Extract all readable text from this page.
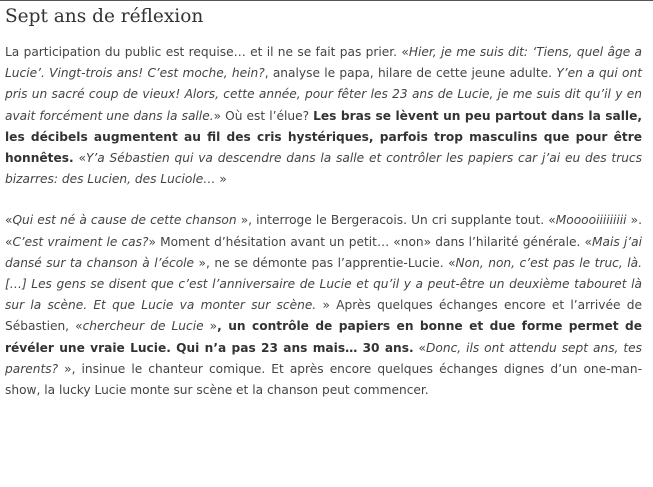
Sept ans de réflexion

La participation du public est requise… et il ne se fait pas prier. «Hier, je me suis dit: ‘Tiens, quel âge a Lucie’. Vingt-trois ans! C’est moche, hein?, analyse le papa, hilare de cette jeune adulte. Y’en a qui ont pris un sacré coup de vieux! Alors, cette année, pour fêter les 23 ans de Lucie, je me suis dit qu’il y en avait forcément une dans la salle.» Où est l’élue? Les bras se lèvent un peu partout dans la salle, les décibels augmentent au fil des cris hystériques, parfois trop masculins que pour être honnêtes. «Y’a Sébastien qui va descendre dans la salle et contrôler les papiers car j’ai eu des trucs bizarres: des Lucien, des Luciole… »

«Qui est né à cause de cette chanson », interroge le Bergeracois. Un cri supplante tout. «Mooooiiiiiiiii ». «C’est vraiment le cas?» Moment d’hésitation avant un petit… «non» dans l’hilarité générale. «Mais j’ai dansé sur ta chanson à l’école », ne se démonte pas l’apprentie-Lucie. «Non, non, c’est pas le truc, là. […] Les gens se disent que c’est l’anniversaire de Lucie et qu’il y a peut-être un deuxième tabouret là sur la scène. Et que Lucie va monter sur scène. » Après quelques échanges encore et l’arrivée de Sébastien, «chercheur de Lucie », un contrôle de papiers en bonne et due forme permet de révéler une vraie Lucie. Qui n’a pas 23 ans mais… 30 ans. «Donc, ils ont attendu sept ans, tes parents? », insinue le chanteur comique. Et après encore quelques échanges dignes d’un one-man-show, la lucky Lucie monte sur scène et la chanson peut commencer.
